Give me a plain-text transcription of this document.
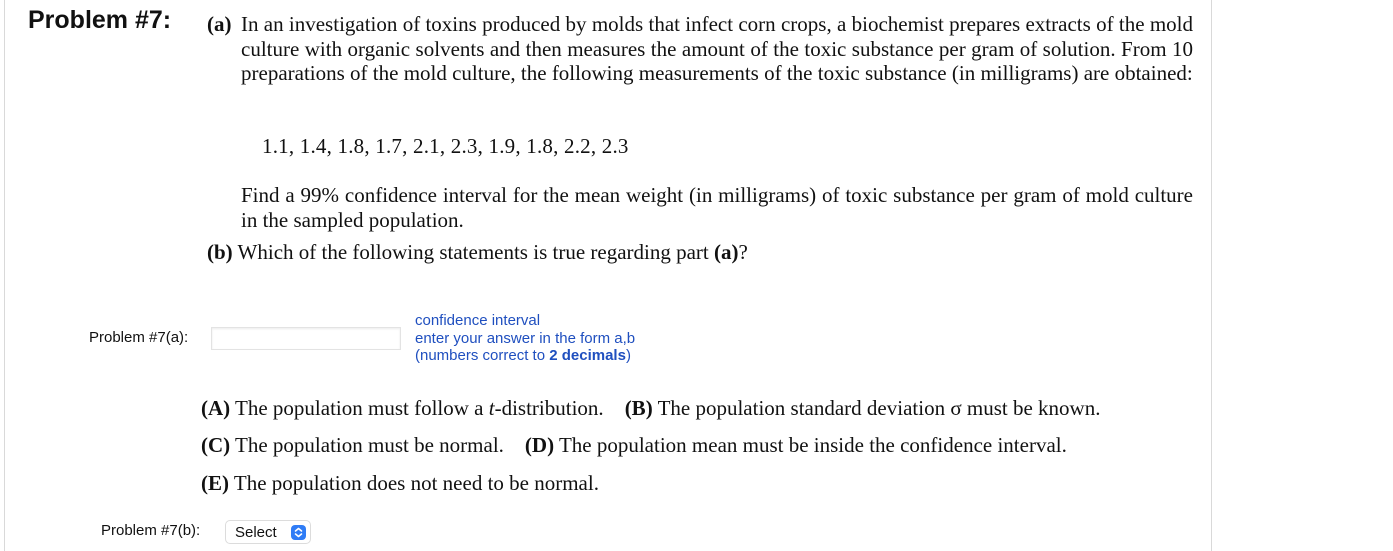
Problem #7: (a) In an investigation of toxins produced by molds that infect corn crops, a biochemist prepares extracts of the mold culture with organic solvents and then measures the amount of the toxic substance per gram of solution. From 10 preparations of the mold culture, the following measurements of the toxic substance (in milligrams) are obtained:
1.1, 1.4, 1.8, 1.7, 2.1, 2.3, 1.9, 1.8, 2.2, 2.3
Find a 99% confidence interval for the mean weight (in milligrams) of toxic substance per gram of mold culture in the sampled population.
(b) Which of the following statements is true regarding part (a)?
Problem #7(a):
confidence interval
enter your answer in the form a,b
(numbers correct to 2 decimals)
(A) The population must follow a t-distribution. (B) The population standard deviation σ must be known.
(C) The population must be normal. (D) The population mean must be inside the confidence interval.
(E) The population does not need to be normal.
Problem #7(b):	Select
